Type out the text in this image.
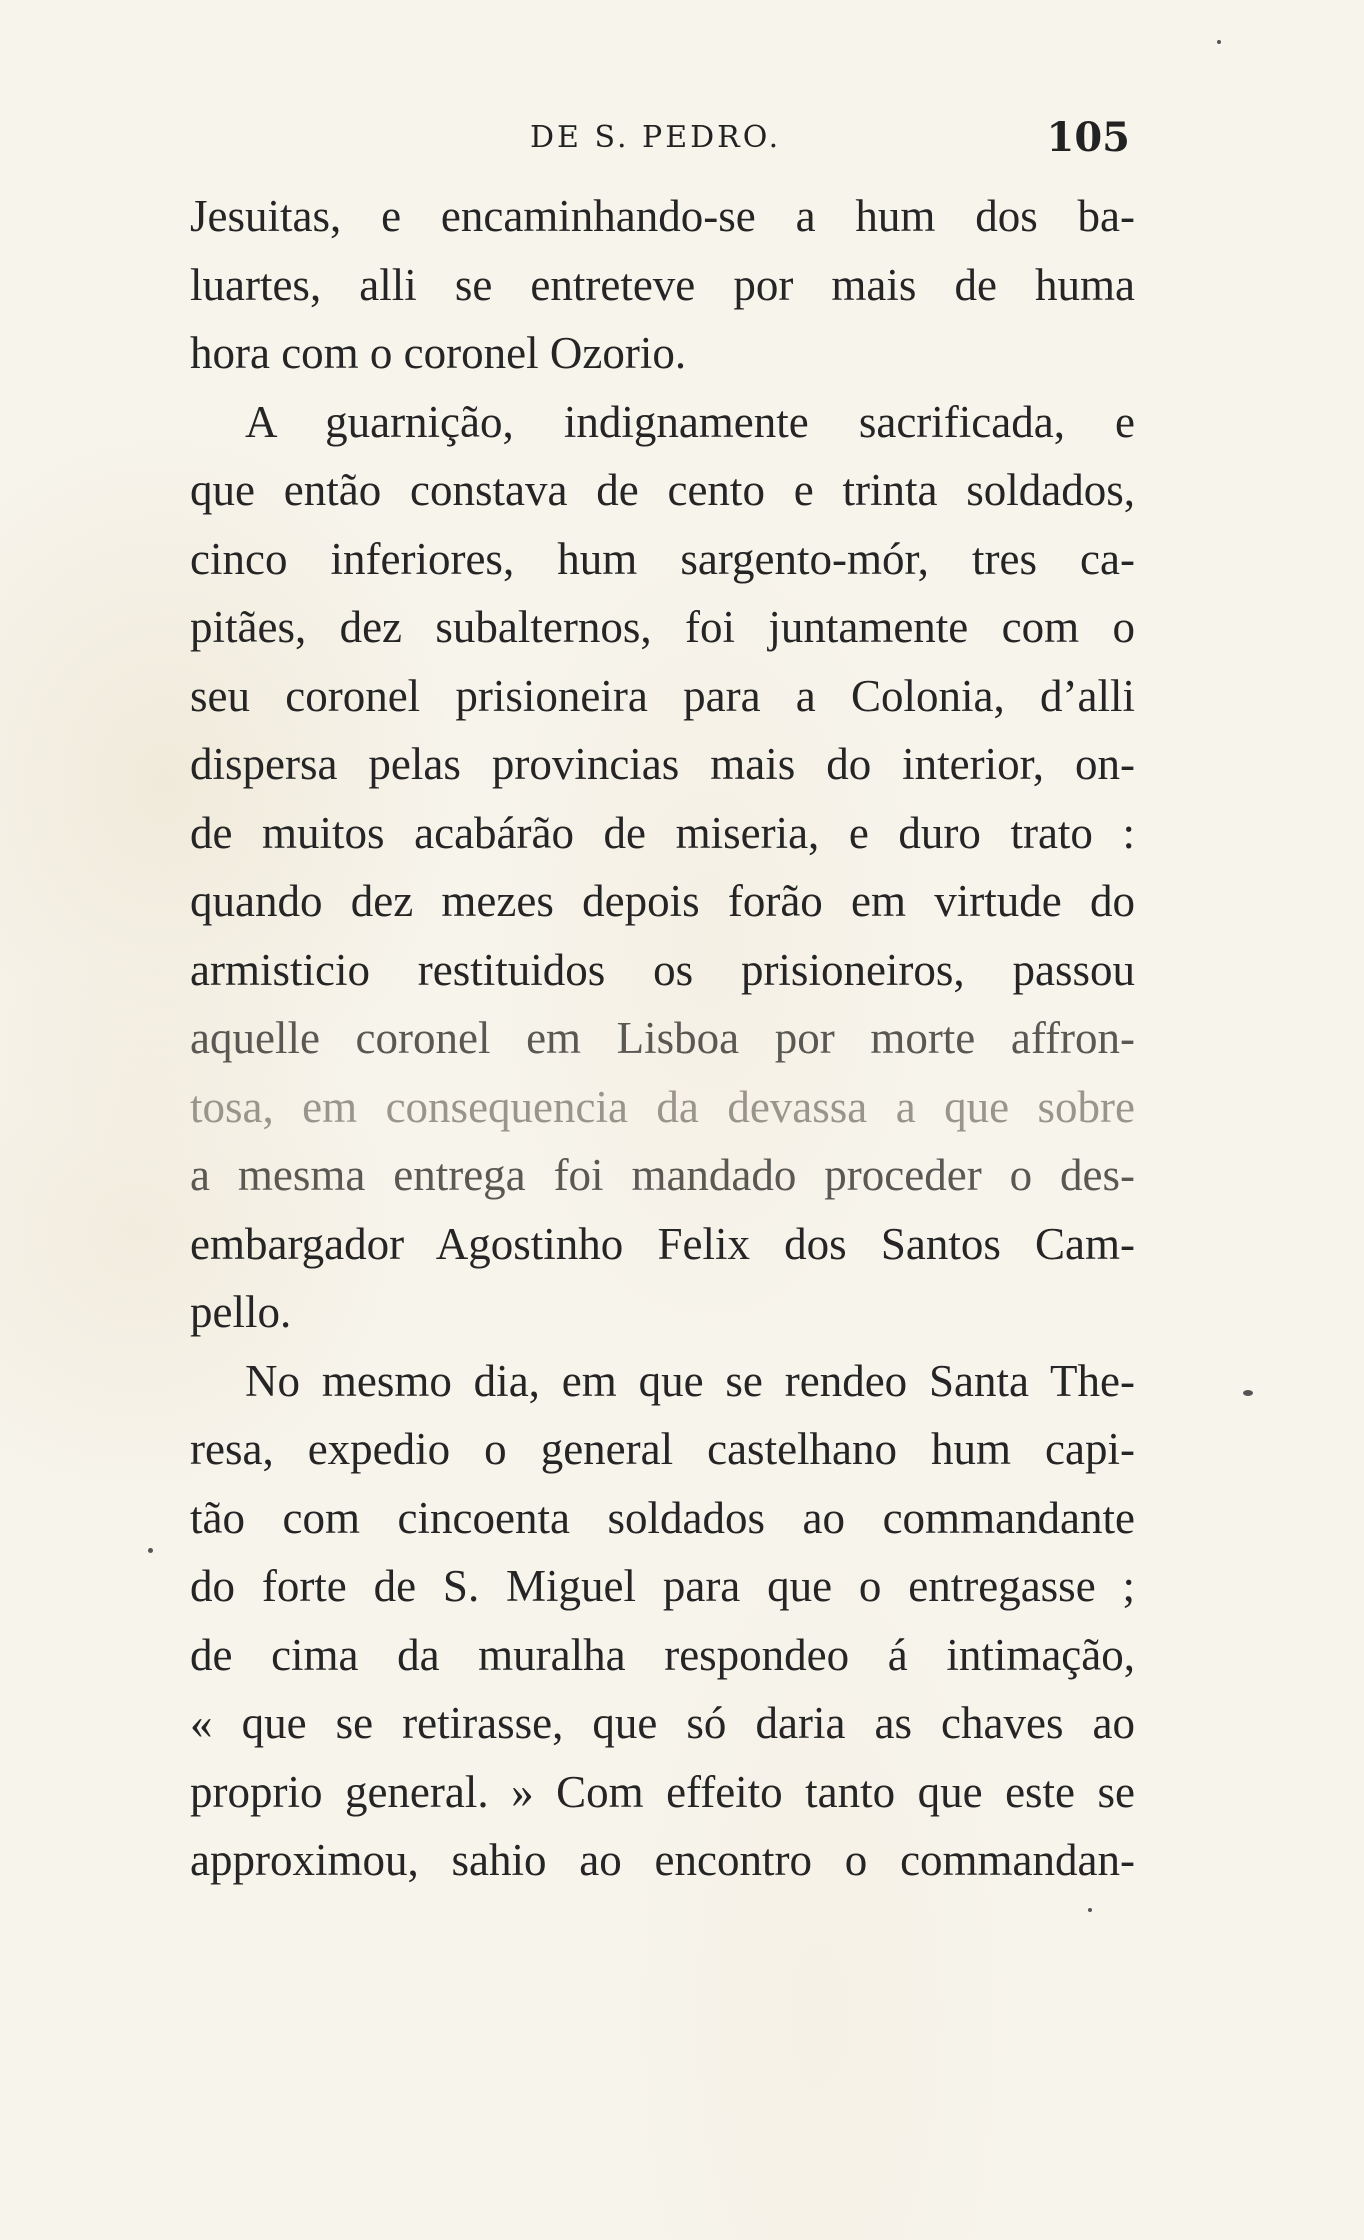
DE S. PEDRO.	105
Jesuitas, e encaminhando-se a hum dos ba-
luartes, alli se entreteve por mais de huma
hora com o coronel Ozorio.
A guarnição, indignamente sacrificada, e
que então constava de cento e trinta soldados,
cinco inferiores, hum sargento-mór, tres ca-
pitães, dez subalternos, foi juntamente com o
seu coronel prisioneira para a Colonia, d’alli
dispersa pelas provincias mais do interior, on-
de muitos acabárão de miseria, e duro trato :
quando dez mezes depois forão em virtude do
armisticio restituidos os prisioneiros, passou
aquelle coronel em Lisboa por morte affron-
tosa, em consequencia da devassa a que sobre
a mesma entrega foi mandado proceder o des-
embargador Agostinho Felix dos Santos Cam-
pello.
No mesmo dia, em que se rendeo Santa The-
resa, expedio o general castelhano hum capi-
tão com cincoenta soldados ao commandante
do forte de S. Miguel para que o entregasse ;
de cima da muralha respondeo á intimação,
« que se retirasse, que só daria as chaves ao
proprio general. » Com effeito tanto que este se
approximou, sahio ao encontro o commandan-
